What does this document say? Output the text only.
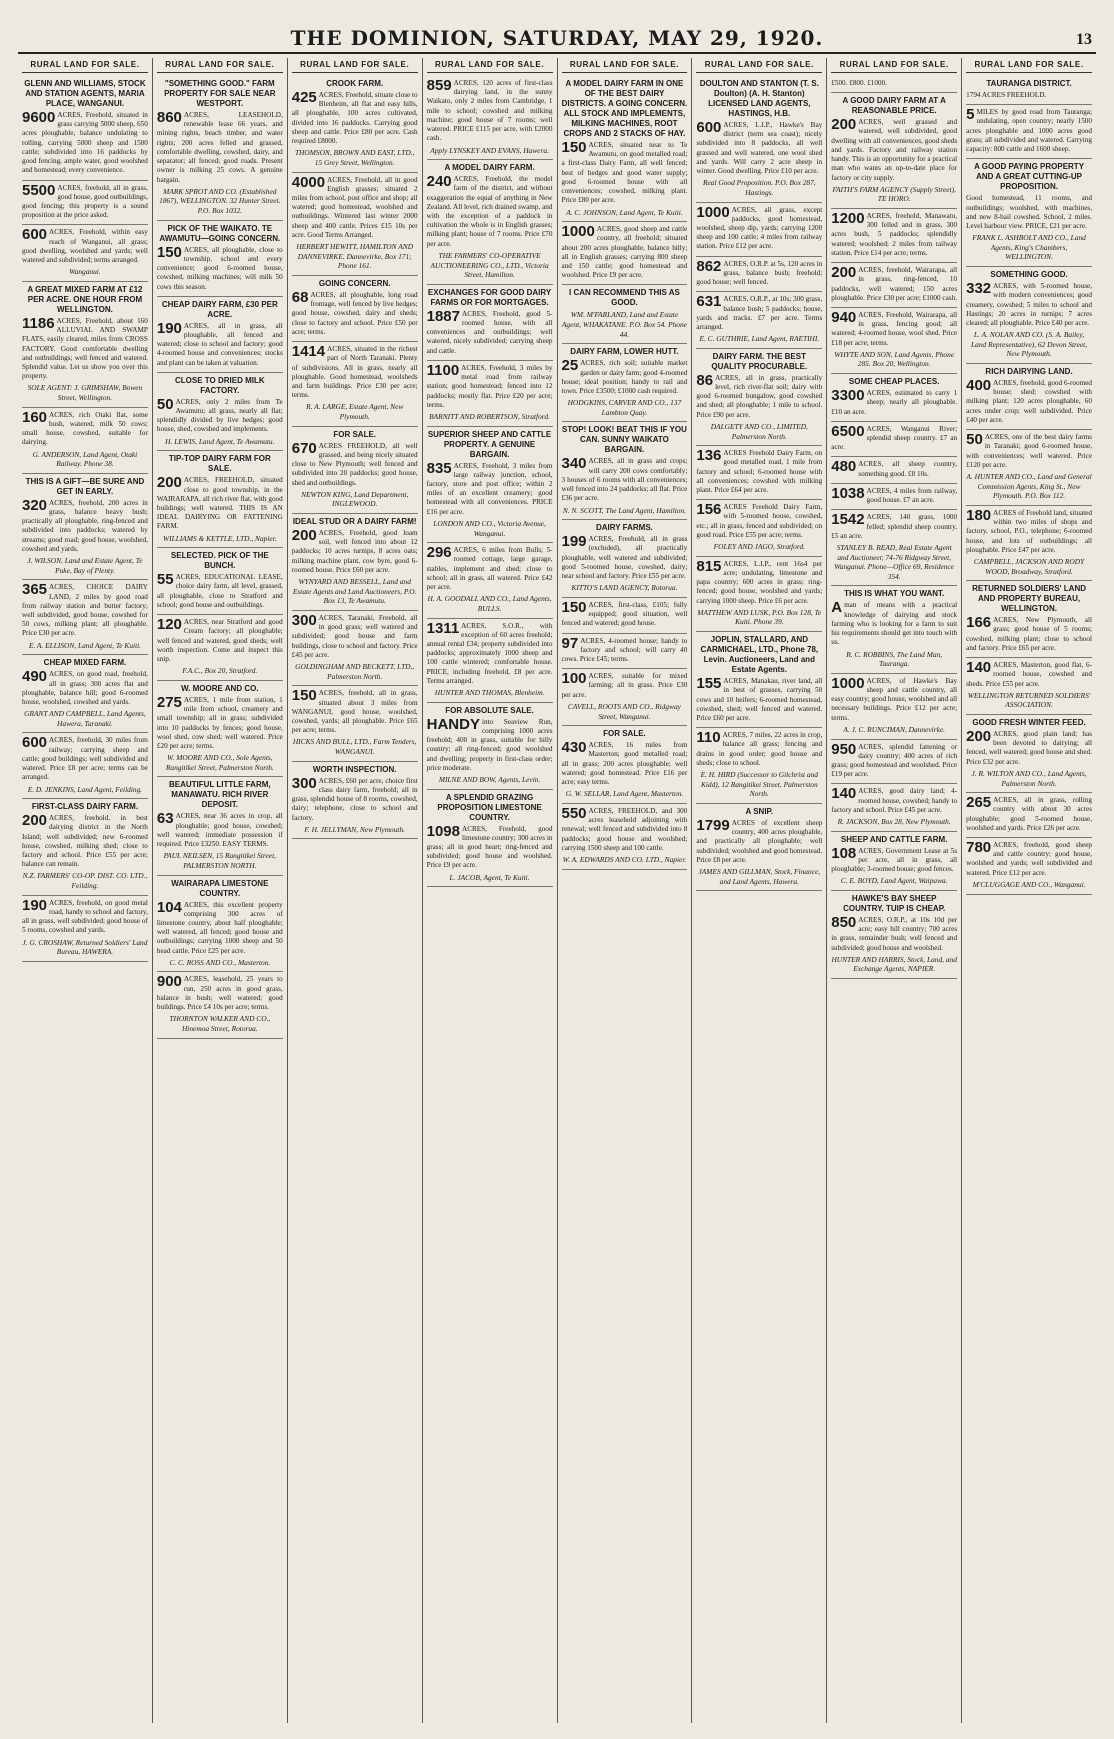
THE DOMINION, SATURDAY, MAY 29, 1920.	13
RURAL LAND FOR SALE.
GLENN AND WILLIAMS, STOCK AND STATION AGENTS, MARIA PLACE, WANGANUI.

9600 ACRES, Freehold, situated in grass carrying 5000 sheep, 650 acres ploughable, balance undulating to rolling, carrying 5000 sheep and 1500 cattle; subdivided into 16 paddocks by good fencing, ample water, good woolshed and homestead; every convenience.

5500 ACRES, freehold, all in grass, good house, good outbuildings, good fencing; this property is a sound proposition at the price asked.

600 ACRES, Freehold, within easy reach of Wanganui, all grass; good dwelling, woolshed and yards; well watered and subdivided; terms arranged.

Wanganui.
A GREAT MIXED FARM AT £12 PER ACRE. ONE HOUR FROM WELLINGTON.

1186 ACRES, Freehold, about 160 ALLUVIAL AND SWAMP FLATS, easily cleared, miles from CROSS FACTORY. Good comfortable dwelling and outbuildings; well fenced and watered. Splendid value. Let us show you over this property.

SOLE AGENT: J. GRIMSHAW, Bowen Street, Wellington.

160 ACRES, rich Otaki flat, some bush, watered, milk 50 cows; small house, cowshed, suitable for dairying.

G. ANDERSON, Land Agent, Otaki Railway. Phone 38.
THIS IS A GIFT—BE SURE AND GET IN EARLY.

320 ACRES, freehold, 200 acres in grass, balance heavy bush; practically all ploughable, ring-fenced and subdivided into paddocks; watered by streams; good road; good house, woolshed, cowshed and yards.

J. WILSON, Land and Estate Agent, Te Puke, Bay of Plenty.

365 ACRES, CHOICE DAIRY LAND, 2 miles by good road from railway station and butter factory; well subdivided, good house, cowshed for 50 cows, milking plant; all ploughable. Price £30 per acre.

E. A. ELLISON, Land Agent, Te Kuiti.
CHEAP MIXED FARM.

490 ACRES, on good road, freehold, all in grass; 300 acres flat and ploughable, balance hill; good 6-roomed house, woolshed, cowshed and yards.

GRANT AND CAMPBELL, Land Agents, Hawera, Taranaki.

600 ACRES, freehold, 30 miles from railway; carrying sheep and cattle; good buildings; well subdivided and watered. Price £8 per acre; terms can be arranged.

E. D. JENKINS, Land Agent, Feilding.
FIRST-CLASS DAIRY FARM.

200 ACRES, freehold, in best dairying district in the North Island; well subdivided; new 6-roomed house, cowshed, milking shed; close to factory and school. Price £55 per acre; balance can remain.

N.Z. FARMERS' CO-OP. DIST. CO. LTD., Feilding.

190 ACRES, freehold, on good metal road, handy to school and factory, all in grass, well subdivided; good house of 5 rooms, cowshed and yards.

J. G. CROSHAW, Returned Soldiers' Land Bureau, HAWERA.
RURAL LAND FOR SALE.
"SOMETHING GOOD." FARM PROPERTY FOR SALE NEAR WESTPORT.

860 ACRES, LEASEHOLD, renewable lease 66 years, and mining rights, beach timber, and water rights; 200 acres felled and grassed, comfortable dwelling, cowshed, dairy, and separator; all fenced; good roads. Present owner is milking 25 cows. A genuine bargain.

MARK SPROT AND CO. (Established 1867), WELLINGTON. 32 Hunter Street. P.O. Box 1032.
PICK OF THE WAIKATO. TE AWAMUTU—GOING CONCERN.

150 ACRES, all ploughable, close to township, school and every convenience; good 6-roomed house, cowshed, milking machines; will milk 50 cows this season.

CHEAP DAIRY FARM, £30 PER ACRE.

190 ACRES, all in grass, all ploughable, all fenced and watered; close to school and factory; good 4-roomed house and conveniences; stocks and plant can be taken at valuation.

CLOSE TO DRIED MILK FACTORY.

50 ACRES, only 2 miles from Te Awamutu; all grass, nearly all flat; splendidly divided by live hedges; good house, shed, cowshed and implements.

H. LEWIS, Land Agent, Te Awamutu.
TIP-TOP DAIRY FARM FOR SALE.

200 ACRES, FREEHOLD, situated close to good township, in the WAIRARAPA, all rich river flat, with good buildings; well watered. THIS IS AN IDEAL DAIRYING OR FATTENING FARM.

WILLIAMS & KETTLE, LTD., Napier.
SELECTED. PICK OF THE BUNCH.

55 ACRES, EDUCATIONAL LEASE, choice dairy farm, all level, grassed, all ploughable, close to Stratford and school; good house and outbuildings.

120 ACRES, near Stratford and good Cream factory; all ploughable; well fenced and watered, good sheds; well worth inspection. Come and inspect this snip.

F.A.C., Box 20, Stratford.
W. MOORE AND CO.

275 ACRES, 1 mile from station, 1 mile from school, creamery and small township; all in grass; subdivided into 10 paddocks by fences; good house, wool shed, cow shed; well watered. Price £20 per acre; terms.

W. MOORE AND CO., Sole Agents, Rangitikei Street, Palmerston North.
BEAUTIFUL LITTLE FARM, MANAWATU. RICH RIVER DEPOSIT.

63 ACRES, near 36 acres in crop, all ploughable; good house, cowshed; well watered; immediate possession if required. Price £3250. EASY TERMS.

PAUL NEILSEN, 15 Rangitikei Street, PALMERSTON NORTH.
WAIRARAPA LIMESTONE COUNTRY.

104 ACRES, this excellent property comprising 300 acres of limestone country, about half ploughable; well watered, all fenced; good house and outbuildings; carrying 1000 sheep and 50 head cattle. Price £25 per acre.

C. C. ROSS AND CO., Masterton.

900 ACRES, leasehold, 25 years to run, 250 acres in good grass, balance in bush; well watered; good buildings. Price £4 10s per acre; terms.

THORNTON WALKER AND CO., Hinemoa Street, Rotorua.
RURAL LAND FOR SALE.
CROOK FARM.

425 ACRES, Freehold, situate close to Blenheim, all flat and easy hills, all ploughable, 100 acres cultivated, divided into 16 paddocks. Carrying good sheep and cattle. Price £80 per acre. Cash required £8000.

THOMSON, BROWN AND EAST, LTD., 15 Grey Street, Wellington.

4000 ACRES, Freehold, all in good English grasses; situated 2 miles from school, post office and shop; all watered; good homestead, woolshed and outbuildings. Wintered last winter 2000 sheep and 400 cattle. Prices £15 10s per acre. Good Terms Arranged.

HERBERT HEWITT, HAMILTON AND DANNEVIRKE. Dannevirke, Box 171; Phone 161.
GOING CONCERN.

68 ACRES, all ploughable, long road frontage, well fenced by live hedges; good house, cowshed, dairy and sheds; close to factory and school. Price £50 per acre; terms.

1414 ACRES, situated in the richest part of North Taranaki. Plenty of subdivisions. All in grass, nearly all ploughable. Good homestead, woolsheds and farm buildings. Price £30 per acre; terms.

R. A. LARGE, Estate Agent, New Plymouth.
FOR SALE.

670 ACRES FREEHOLD, all well grassed, and being nicely situated close to New Plymouth; well fenced and subdivided into 20 paddocks; good house, shed and outbuildings.

NEWTON KING, Land Department, INGLEWOOD.
IDEAL STUD OR A DAIRY FARM!

200 ACRES, Freehold, good loam soil, well fenced into about 12 paddocks; 10 acres turnips, 8 acres oats; milking machine plant, cow byre, good 6-roomed house. Price £60 per acre.

WYNYARD AND BESSELL, Land and Estate Agents and Land Auctioneers, P.O. Box 13, Te Awamutu.

300 ACRES, Taranaki, Freehold, all in good grass; well watered and subdivided; good house and farm buildings, close to school and factory. Price £45 per acre.

GOLDINGHAM AND BECKETT, LTD., Palmerston North.

150 ACRES, freehold, all in grass, situated about 3 miles from WANGANUI, good house, woolshed, cowshed, yards; all ploughable. Price £65 per acre; terms.

HICKS AND BULL, LTD., Farm Tenders, WANGANUI.
WORTH INSPECTION.

300 ACRES, £60 per acre, choice first class dairy farm, freehold; all in grass, splendid house of 8 rooms, cowshed, dairy; telephone, close to school and factory.

F. H. JELLYMAN, New Plymouth.
RURAL LAND FOR SALE.

859 ACRES, 120 acres of first-class dairying land, in the sunny Waikato, only 2 miles from Cambridge, 1 mile to school; cowshed and milking machine; good house of 7 rooms; well watered. PRICE £115 per acre, with £2000 cash.

Apply LYNSKEY AND EVANS, Hawera.
A MODEL DAIRY FARM.

240 ACRES, Freehold, the model farm of the district, and without exaggeration the equal of anything in New Zealand. All level, rich drained swamp, and with the exception of a paddock in cultivation the whole is in English grasses; milking plant; house of 7 rooms. Price £70 per acre.

THE FARMERS' CO-OPERATIVE AUCTIONEERING CO., LTD., Victoria Street, Hamilton.
EXCHANGES FOR GOOD DAIRY FARMS OR FOR MORTGAGES.

1887 ACRES, Freehold, good 5-roomed house, with all conveniences and outbuildings; well watered, nicely subdivided; carrying sheep and cattle.

1100 ACRES, Freehold, 3 miles by metal road from railway station; good homestead; fenced into 12 paddocks; mostly flat. Price £20 per acre; terms.

BARNITT AND ROBERTSON, Stratford.
SUPERIOR SHEEP AND CATTLE PROPERTY. A GENUINE BARGAIN.

835 ACRES, Freehold, 3 miles from large railway junction, school, factory, store and post office; within 2 miles of an excellent creamery; good homestead with all conveniences. PRICE £16 per acre.

LONDON AND CO., Victoria Avenue, Wanganui.

296 ACRES, 6 miles from Bulls; 5-roomed cottage, large garage, stables, implement and shed; close to school; all in grass, all watered. Price £42 per acre.

H. A. GOODALL AND CO., Land Agents, BULLS.

1311 ACRES, S.O.R., with exception of 60 acres freehold; annual rental £34; property subdivided into paddocks; approximately 1000 sheep and 100 cattle wintered; comfortable house. PRICE, including freehold, £8 per acre. Terms arranged.

HUNTER AND THOMAS, Blenheim.
FOR ABSOLUTE SALE.

HANDY into Seaview Run, comprising 1000 acres freehold; 400 in grass, suitable for hilly country; all ring-fenced; good woolshed and dwelling; property in first-class order; price moderate.

MILNE AND BOW, Agents, Levin.
A SPLENDID GRAZING PROPOSITION LIMESTONE COUNTRY.

1098 ACRES, Freehold, good limestone country; 300 acres in grass; all in good heart; ring-fenced and subdivided; good house and woolshed. Price £9 per acre.

L. JACOB, Agent, Te Kuiti.
RURAL LAND FOR SALE.
A MODEL DAIRY FARM IN ONE OF THE BEST DAIRY DISTRICTS. A GOING CONCERN. ALL STOCK AND IMPLEMENTS, MILKING MACHINES, ROOT CROPS AND 2 STACKS OF HAY.

150 ACRES, situated near to Te Awamutu, on good metalled road; a first-class Dairy Farm, all well fenced; best of hedges and good water supply; good 6-roomed house with all conveniences; cowshed, milking plant. Price £80 per acre.

A. C. JOHNSON, Land Agent, Te Kuiti.

1000 ACRES, good sheep and cattle country, all freehold; situated about 200 acres ploughable, balance hilly; all in English grasses; carrying 800 sheep and 150 cattle; good homestead and woolshed. Price £9 per acre.

I CAN RECOMMEND THIS AS GOOD.
WM. M'FARLAND, Land and Estate Agent, WHAKATANE. P.O. Box 54. Phone 44.
DAIRY FARM, LOWER HUTT.

25 ACRES, rich soil; suitable market garden or dairy farm; good 4-roomed house; ideal position; handy to rail and town. Price £3500; £1000 cash required.

HODGKINS, CARVER AND CO., 137 Lambton Quay.
STOP! LOOK! BEAT THIS IF YOU CAN. SUNNY WAIKATO BARGAIN.

340 ACRES, all in grass and crops; will carry 200 cows comfortably; 3 houses of 6 rooms with all conveniences; well fenced into 24 paddocks; all flat. Price £36 per acre.

N. N. SCOTT, The Land Agent, Hamilton.
DAIRY FARMS.

199 ACRES, Freehold, all in grass (excluded), all practically ploughable, well watered and subdivided; good 5-roomed house, cowshed, dairy; near school and factory. Price £55 per acre.

KITTO'S LAND AGENCY, Rotorua.

150 ACRES, first-class, £105; fully equipped; good situation, well fenced and watered; good house.

97 ACRES, 4-roomed house; handy to factory and school; will carry 40 cows. Price £45; terms.

100 ACRES, suitable for mixed farming; all in grass. Price £30 per acre.

CAVELL, ROOTS AND CO., Ridgway Street, Wanganui.
FOR SALE.

430 ACRES, 16 miles from Masterton; good metalled road; all in grass; 200 acres ploughable; well watered; good homestead. Price £16 per acre; easy terms.

G. W. SELLAR, Land Agent, Masterton.

550 ACRES, FREEHOLD, and 300 acres leasehold adjoining with renewal; well fenced and subdivided into 8 paddocks; good house and woolshed; carrying 1500 sheep and 100 cattle.

W. A. EDWARDS AND CO. LTD., Napier.
RURAL LAND FOR SALE.
DOULTON AND STANTON (T. S. Doulton) (A. H. Stanton) LICENSED LAND AGENTS, HASTINGS, H.B.

600 ACRES, L.I.P., Hawke's Bay district (term sea coast); nicely subdivided into 8 paddocks, all well grassed and well watered, one wool shed and yards. Will carry 2 acre sheep in winter. Good dwelling. Price £10 per acre.

Real Good Proposition. P.O. Box 287, Hastings.

1000 ACRES, all grass, except paddocks, good homestead, woolshed, sheep dip, yards; carrying 1200 sheep and 100 cattle; 4 miles from railway station. Price £12 per acre.

862 ACRES, O.R.P. at 5s, 120 acres in grass, balance bush; freehold; good house; well fenced.

631 ACRES, O.R.P., at 10s; 300 grass, balance bush; 5 paddocks; house, yards and tracks. £7 per acre. Terms arranged.

E. C. GUTHRIE, Land Agent, RAETIHI.
DAIRY FARM. THE BEST QUALITY PROCURABLE.

86 ACRES, all in grass, practically level, rich river-flat soil; dairy with good 6-roomed bungalow, good cowshed and shed; all ploughable; 1 mile to school. Price £90 per acre.

DALGETY AND CO., LIMITED, Palmerston North.

136 ACRES Freehold Dairy Farm, on good metalled road, 1 mile from factory and school; 6-roomed house with all conveniences; cowshed with milking plant. Price £64 per acre.

156 ACRES Freehold Dairy Farm, with 5-roomed house, cowshed, etc.; all in grass, fenced and subdivided; on good road. Price £55 per acre; terms.

FOLEY AND JAGO, Stratford.

815 ACRES, L.I.P., rent 16s4 per acre; undulating, limestone and papa country; 600 acres in grass; ring-fenced; good house, woolshed and yards; carrying 1000 sheep. Price £6 per acre.

MATTHEW AND LUSK, P.O. Box 128, Te Kuiti. Phone 39.
JOPLIN, STALLARD, AND CARMICHAEL, LTD., Phone 78, Levin. Auctioneers, Land and Estate Agents.

155 ACRES, Manakau, river land, all in best of grasses, carrying 50 cows and 10 heifers; 6-roomed homestead, cowshed, shed; well fenced and watered. Price £60 per acre.

110 ACRES, 7 miles, 22 acres in crop, balance all grass; fencing and drains in good order; good house and sheds; close to school.

E. H. HIRD (Successor to Gilchrist and Kidd), 12 Rangitikei Street, Palmerston North.
A SNIP.

1799 ACRES of excellent sheep country, 400 acres ploughable, and practically all ploughable; well subdivided; woolshed and good homestead. Price £8 per acre.

JAMES AND GILLMAN, Stock, Finance, and Land Agents, Hawera.
RURAL LAND FOR SALE.

£500. £800. £1000.

A GOOD DAIRY FARM AT A REASONABLE PRICE.

200 ACRES, well grassed and watered, well subdivided, good dwelling with all conveniences, good sheds and yards. Factory and railway station handy. This is an opportunity for a practical man who wants an up-to-date place for factory or city supply.

FAITH'S FARM AGENCY (Supply Street), TE HORO.

1200 ACRES, freehold, Manawatu, 300 felled and in grass, 300 acres bush, 5 paddocks; splendidly watered; woolshed; 2 miles from railway station. Price £14 per acre; terms.

200 ACRES, freehold, Wairarapa, all in grass, ring-fenced, 10 paddocks, well watered; 150 acres ploughable. Price £30 per acre; £1000 cash.

940 ACRES, Freehold, Wairarapa, all in grass, fencing good; all watered; 4-roomed house, wool shed. Price £18 per acre; terms.

WHYTE AND SON, Land Agents, Phone 285. Box 20, Wellington.
SOME CHEAP PLACES.

3300 ACRES, estimated to carry 1 sheep; nearly all ploughable. £10 an acre.

6500 ACRES, Wanganui River; splendid sheep country. £7 an acre.

480 ACRES, all sheep country, something good. £8 10s.

1038 ACRES, 4 miles from railway, good house. £7 an acre.

1542 ACRES, 140 grass, 1000 felled; splendid sheep country. £5 an acre.

STANLEY B. READ, Real Estate Agent and Auctioneer, 74-76 Ridgway Street, Wanganui. Phone—Office 69, Residence 354.
THIS IS WHAT YOU WANT.

Aman of means with a practical knowledge of dairying and stock farming who is looking for a farm to suit his requirements should get into touch with us.

R. C. ROBBINS, The Land Man, Tauranga.

1000 ACRES, of Hawke's Bay sheep and cattle country, all easy country; good house, woolshed and all necessary buildings. Price £12 per acre; terms.

A. J. C. RUNCIMAN, Dannevirke.

950 ACRES, splendid fattening or dairy country; 400 acres of rich grass; good homestead and woolshed. Price £19 per acre.

140 ACRES, good dairy land; 4-roomed house, cowshed; handy to factory and school. Price £45 per acre.

R. JACKSON, Box 28, New Plymouth.
SHEEP AND CATTLE FARM.

108 ACRES, Government Lease at 5s per acre, all in grass, all ploughable; 3-roomed house; good fences.

C. E. BOYD, Land Agent, Waipawa.
HAWKE'S BAY SHEEP COUNTRY. TUIP IS CHEAP.

850 ACRES, O.R.P., at 10s 10d per acre; easy hill country; 700 acres in grass, remainder bush; well fenced and subdivided; good house and woolshed.

HUNTER AND HARRIS, Stock, Land, and Exchange Agents, NAPIER.
RURAL LAND FOR SALE.
TAURANGA DISTRICT.

1794 ACRES FREEHOLD.

5 MILES by good road from Tauranga; undulating, open country; nearly 1500 acres ploughable and 1000 acres good grass; all subdivided and watered. Carrying capacity: 800 cattle and 1600 sheep.

A GOOD PAYING PROPERTY AND A GREAT CUTTING-UP PROPOSITION.

Good homestead, 11 rooms, and outbuildings; woolshed, with machines, and new 8-bail cowshed. School, 2 miles. Level harbour view. PRICE, £21 per acre.

FRANK L. ASHBOLT AND CO., Land Agents, King's Chambers, WELLINGTON.
SOMETHING GOOD.

332 ACRES, with 5-roomed house, with modern conveniences; good creamery, cowshed; 5 miles to school and Hastings; 20 acres in turnips; 7 acres cleared; all ploughable. Price £40 per acre.

L. A. NOLAN AND CO. (S. A. Bailey, Land Representative), 62 Devon Street, New Plymouth.
RICH DAIRYING LAND.

400 ACRES, freehold, good 6-roomed house; shed; cowshed with milking plant; 120 acres ploughable, 60 acres under crop; well subdivided. Price £40 per acre.

50 ACRES, one of the best dairy farms in Taranaki; good 6-roomed house, with conveniences; well watered. Price £120 per acre.

A. HUNTER AND CO., Land and General Commission Agents, King St., New Plymouth. P.O. Box 112.

180 ACRES of Freehold land, situated within two miles of shops and factory, school, P.O., telephone; 6-roomed house, and lots of outbuildings; all ploughable. Price £47 per acre.

CAMPBELL, JACKSON AND RODY WOOD, Broadway, Stratford.
RETURNED SOLDIERS' LAND AND PROPERTY BUREAU, WELLINGTON.

166 ACRES, New Plymouth, all grass; good house of 5 rooms; cowshed, milking plant; close to school and factory. Price £65 per acre.

140 ACRES, Masterton, good flat, 6-roomed house, cowshed and sheds. Price £55 per acre.

WELLINGTON RETURNED SOLDIERS' ASSOCIATION.
GOOD FRESH WINTER FEED.

200 ACRES, good plain land; has been devoted to dairying; all fenced, well watered; good house and shed. Price £32 per acre.

J. R. WILTON AND CO., Land Agents, Palmerston North.

265 ACRES, all in grass, rolling country with about 30 acres ploughable; good 5-roomed house, woolshed and yards. Price £26 per acre.

780 ACRES, freehold, good sheep and cattle country; good house, woolshed and yards; well subdivided and watered. Price £12 per acre.

M'CLUGGAGE AND CO., Wanganui.
